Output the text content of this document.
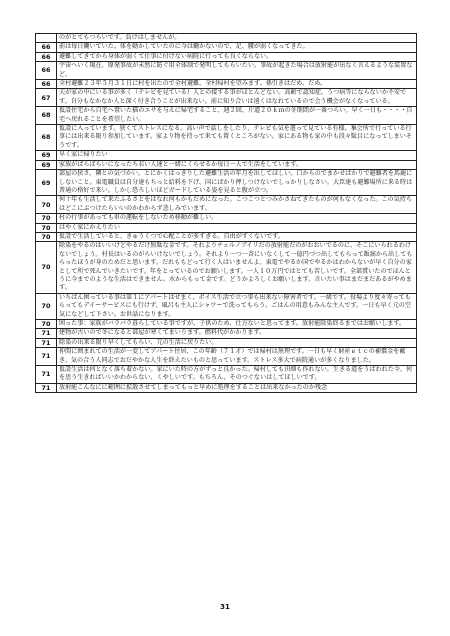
	のがとてもつらいです。負けはしませんが。
66	前は毎日働いていた。体を動かしていたのに今は働かないので、足、腰が弱くなってきた。
66	避難してきてから身体が弱くて仕事に付けない病院に行っても良くならない。
66	宇宙へいく現在、原発事故が未然に防ぐ用全体制で発明してもらいたい。事故が起きた場合は放射能が出なく言えるような装置など。
66	全村避難２３年５月３１日に村を出たので全村避難。全村帰村を望みます。孫引きはだめ、だめ。
67	夫が家の中にいる事が多く（テレビを見ている）人との接する事がほとんどない。高齢で認知症、うつ病等にならないか不安です。自分もなかなか人と深く付き合うことが出来ない。前に知り合いは遠くはなれているので会う機会がなくなっている。
68	仮設住宅から自宅へ置いた猫のエサを与えに帰宅すること、週２回、片道２０ｋｍの冬期間が一番つらい。早く一日も・・・・自宅へ戻れることを希望したい。
68	仮設に入っています。狭くてストレスになる。高い声で話しをしたり、テレビも気を遣って見ている有様。集会所で行っている行事には出来る限り参加しています。家より物を持って来ても置くところがない。家にある物も家の中も段々駄目になってしまいそうです。
69	早く家に帰りたい
69	家族がばらばらいになったち若い人達と一緒にくらせるか毎日一人で生活をしています。
69	部屋の狭さ、隣との気づかい、とにかくはっきりした避難生活の年月を出してほしい。口からのでまかせばかりで避難者を馬鹿にしないこと。東電職員は自分達もちっと給料を下げ、国にばかり押しつけないでしっかりしなさい。大臣達も避難場所に来る時は普通の格好で来い。しかし恐ろしいほどガードしている姿を見ると腹が立つ。
70	何十年も生活して来たふるさとをはなれ何もかもだめになった。こつこつとつみかさねてきたものが何もなくなった。この気持ちはどこにぶつけたらいいのかわからず悲しみでいます。
70	村の行事があっても車の運転をしないため移動が難しい。
70	はやく家にかえりたい
70	仮設で生活していると、きゅうくつで心配ことが多すぎる。自由がすくないです。
70	除染をやるのはいいけどやるだけ無駄な金です。それよりチェルノブイリだの放射能だのがおおいでるのに、そこにいられるわけないでしょう。村長はいるのがらいけないでしょう。それより一つ一斉にいなくして一億円づつ出してもらって飯舘から出してもらったほうが身のためだと思います。だれももどって行く人はいませんよ。東電でやるか国でやるかはわからないが早く自分の家として所で死んでいきたいです。年をとっているのでお願いします。一人１０万円ではとても苦しいです。全部賞いたのでほんとうに今までのような生活はできません。水からもって金です。どうかよろしくお願いします。言いたい事はまだまだあるがやめます。
70	いちばん困っている事は第１にアパートはせまく、ボイス生活で立つ事も出来ない障害者です。一級です。役場より度々寄ってもらってもデイーサービスにも行けず、風呂も主人にシャワーで洗ってもらう。ごはんの用意もみんな主人です。一日も早く元の空気になどして下さい。お世話になります。
70	困った事：家族がバラバラ暮らしている事ですが、子供のため、仕方ないと思ってます。放射能除染終るまではお願いします。
71	建物が古いので冬になると部屋が寒くてまいります。燃料代がかかります。
71	除染の出来る限り早くしてもらい、元の生活に戻りたい。
71	仲間に囲まれての生活が一変してアパート住居、この年齢（７１才）では帰村は無理です。一日も早く財産ｅｔｃの補償金を戴き、気の合う人同志でおだやかな人生を終えたいものと思っています。ストレス多大で病院通いが多くなりました。
71	仮設生活は何となく落ち着かない。家にいた時の方がずっと良かった。帰村しても田畑も作れない。生きる道をうばわれた今、何を思う生きればいいかわからない、くやしいです。もちろん、そのつぐないはしてほしいです。
71	放射能こんなにに範囲に拡散させてしまってもっと早めに処理をすることは出来なかったのか残念
31
